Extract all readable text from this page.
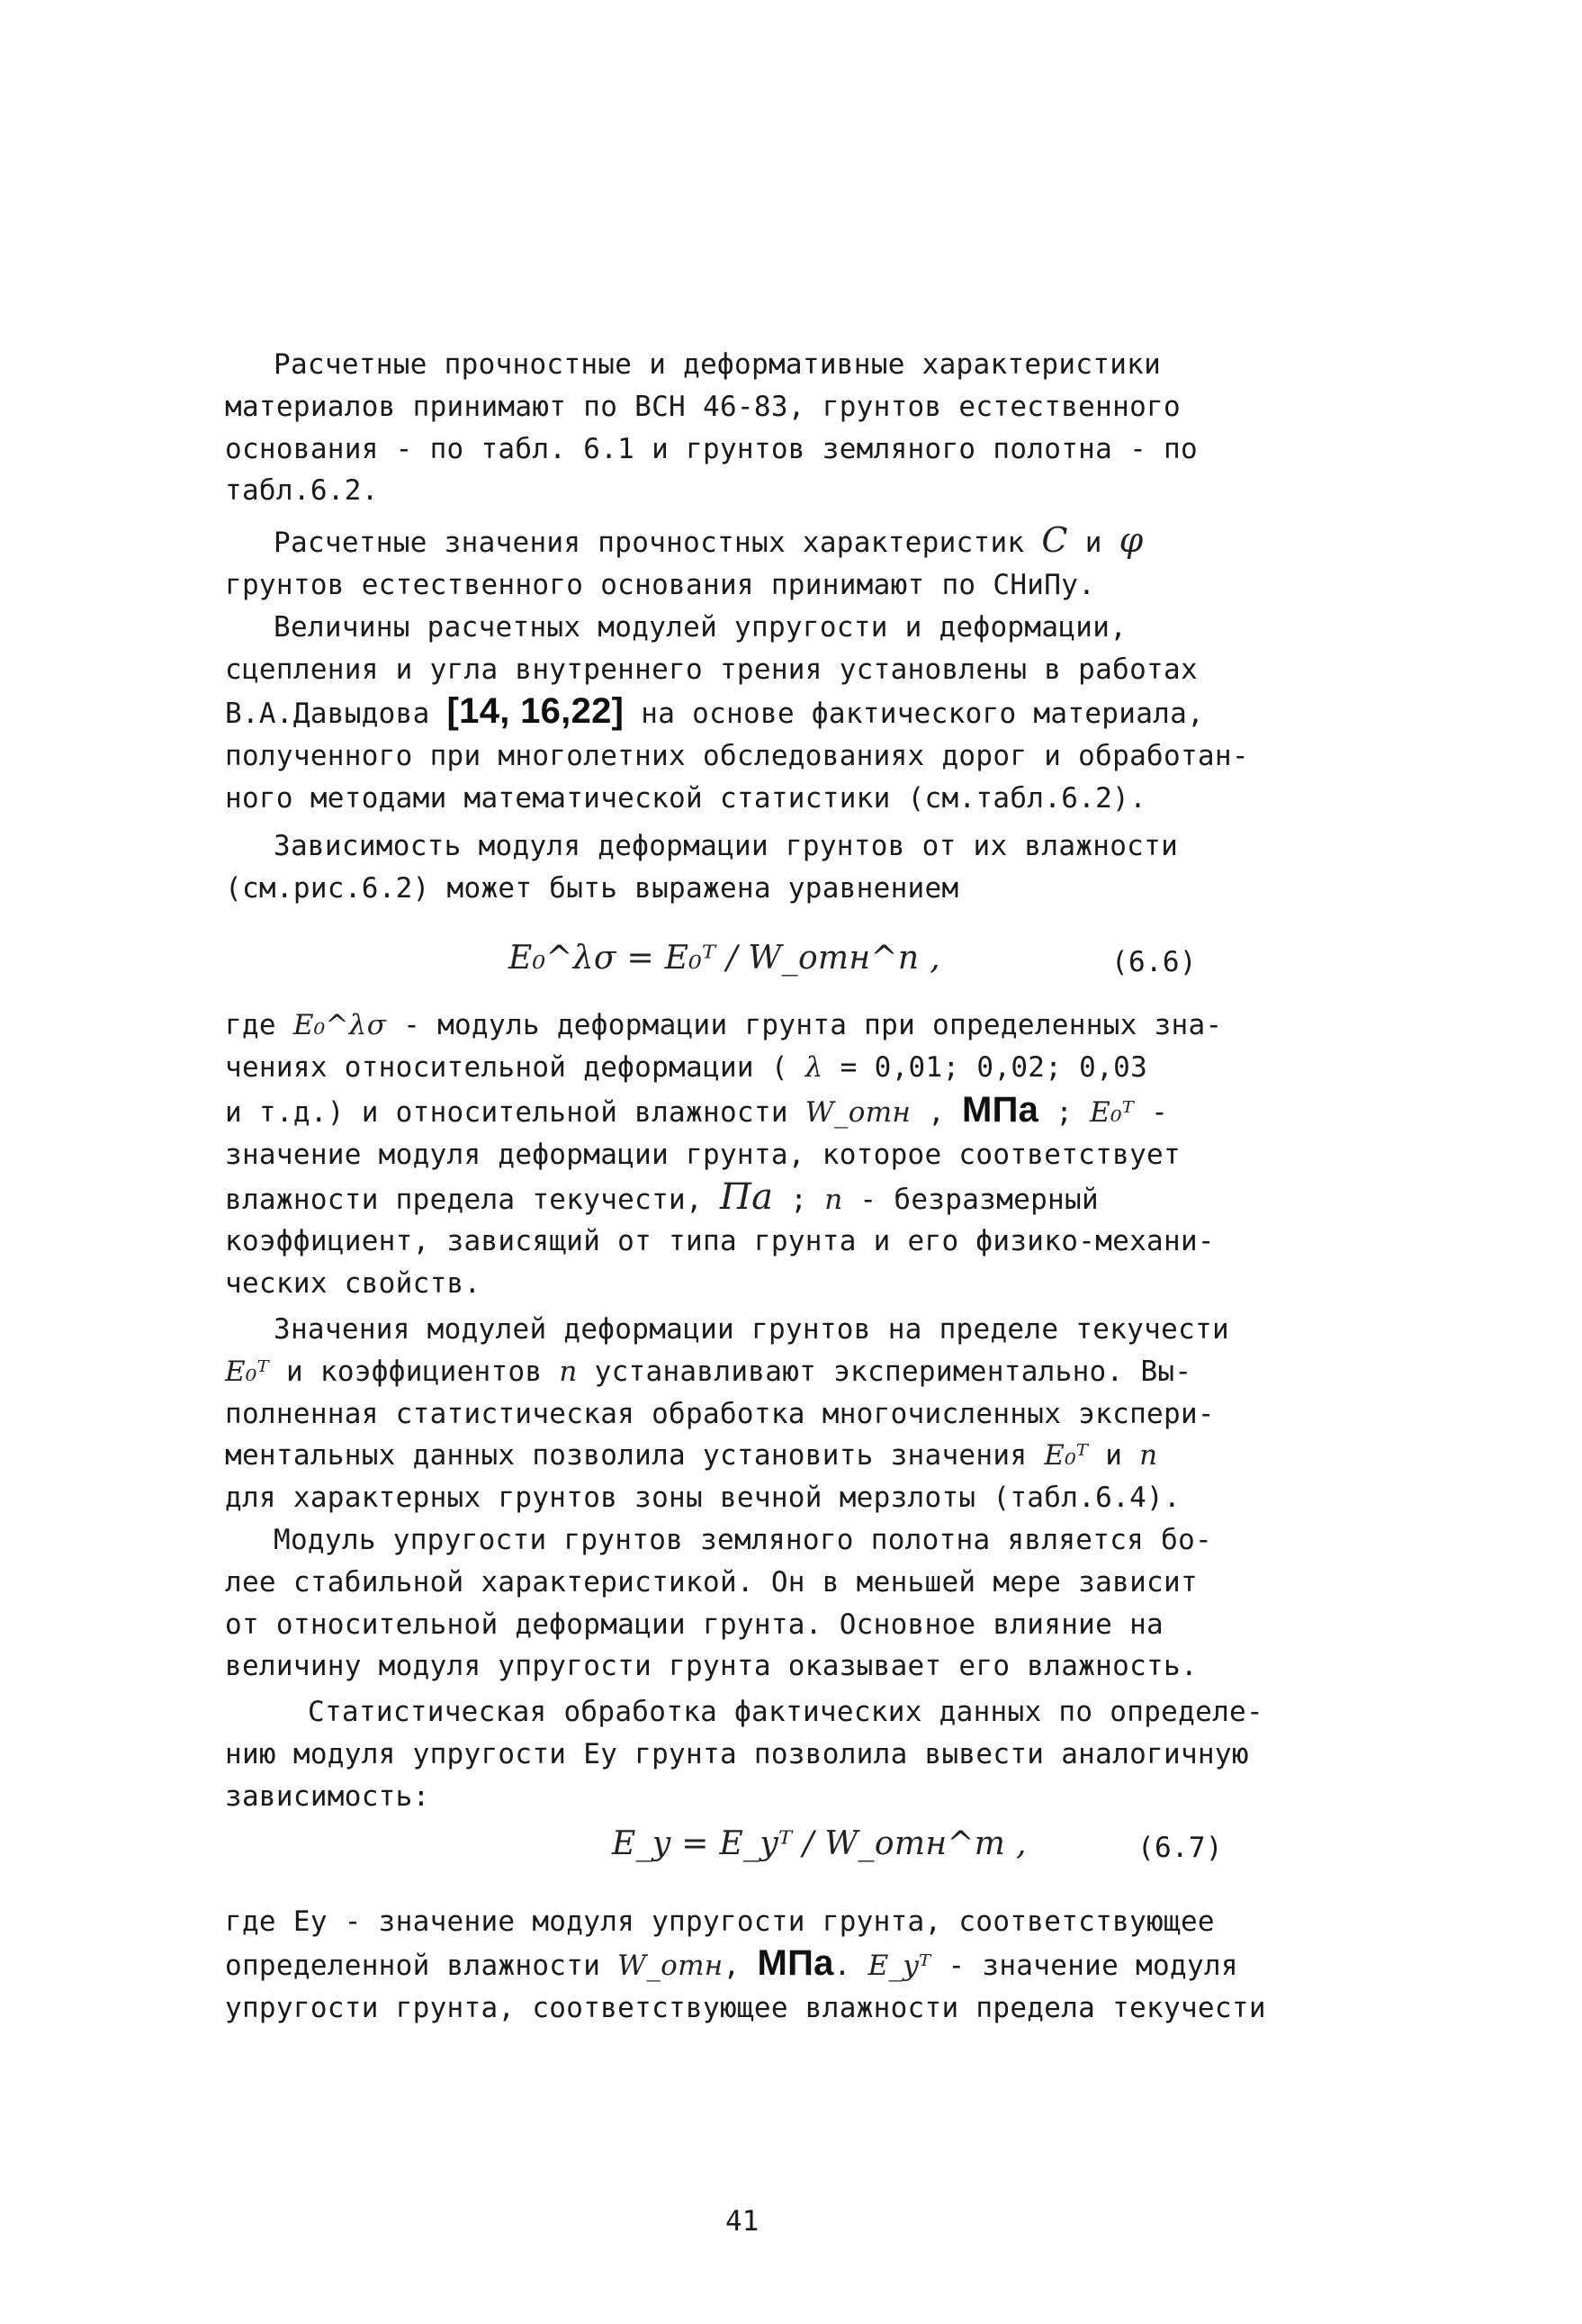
Расчетные прочностные и деформативные характеристики

материалов принимают по ВСН 46-83, грунтов естественного

основания - по табл. 6.1 и грунтов земляного полотна - по

табл.6.2.

Расчетные значения прочностных характеристик C и φ

грунтов естественного основания принимают по СНиПу.

Величины расчетных модулей упругости и деформации,

сцепления и угла внутреннего трения установлены в работах

В.А.Давыдова [14, 16,22] на основе фактического материала,

полученного при многолетних обследованиях дорог и обработан-

ного методами математической статистики (см.табл.6.2).

Зависимость модуля деформации грунтов от их влажности

(см.рис.6.2) может быть выражена уравнением

E₀^λσ = E₀ᵀ / W_отн^n ,	(6.6)

где E₀^λσ - модуль деформации грунта при определенных зна-

чениях относительной деформации ( λ = 0,01; 0,02; 0,03

и т.д.) и относительной влажности W_отн , МПа ; E₀ᵀ -

значение модуля деформации грунта, которое соответствует

влажности предела текучести, Па ; n - безразмерный

коэффициент, зависящий от типа грунта и его физико-механи-

ческих свойств.

Значения модулей деформации грунтов на пределе текучести

E₀ᵀ и коэффициентов n устанавливают экспериментально. Вы-

полненная статистическая обработка многочисленных экспери-

ментальных данных позволила установить значения E₀ᵀ и n

для характерных грунтов зоны вечной мерзлоты (табл.6.4).

Модуль упругости грунтов земляного полотна является бо-

лее стабильной характеристикой. Он в меньшей мере зависит

от относительной деформации грунта. Основное влияние на

величину модуля упругости грунта оказывает его влажность.

Статистическая обработка фактических данных по определе-

нию модуля упругости Еу грунта позволила вывести аналогичную

зависимость:

E_y = E_yᵀ / W_отн^m ,	(6.7)

где Еу - значение модуля упругости грунта, соответствующее

определенной влажности W_отн, МПа. E_yᵀ - значение модуля

упругости грунта, соответствующее влажности предела текучести

41
